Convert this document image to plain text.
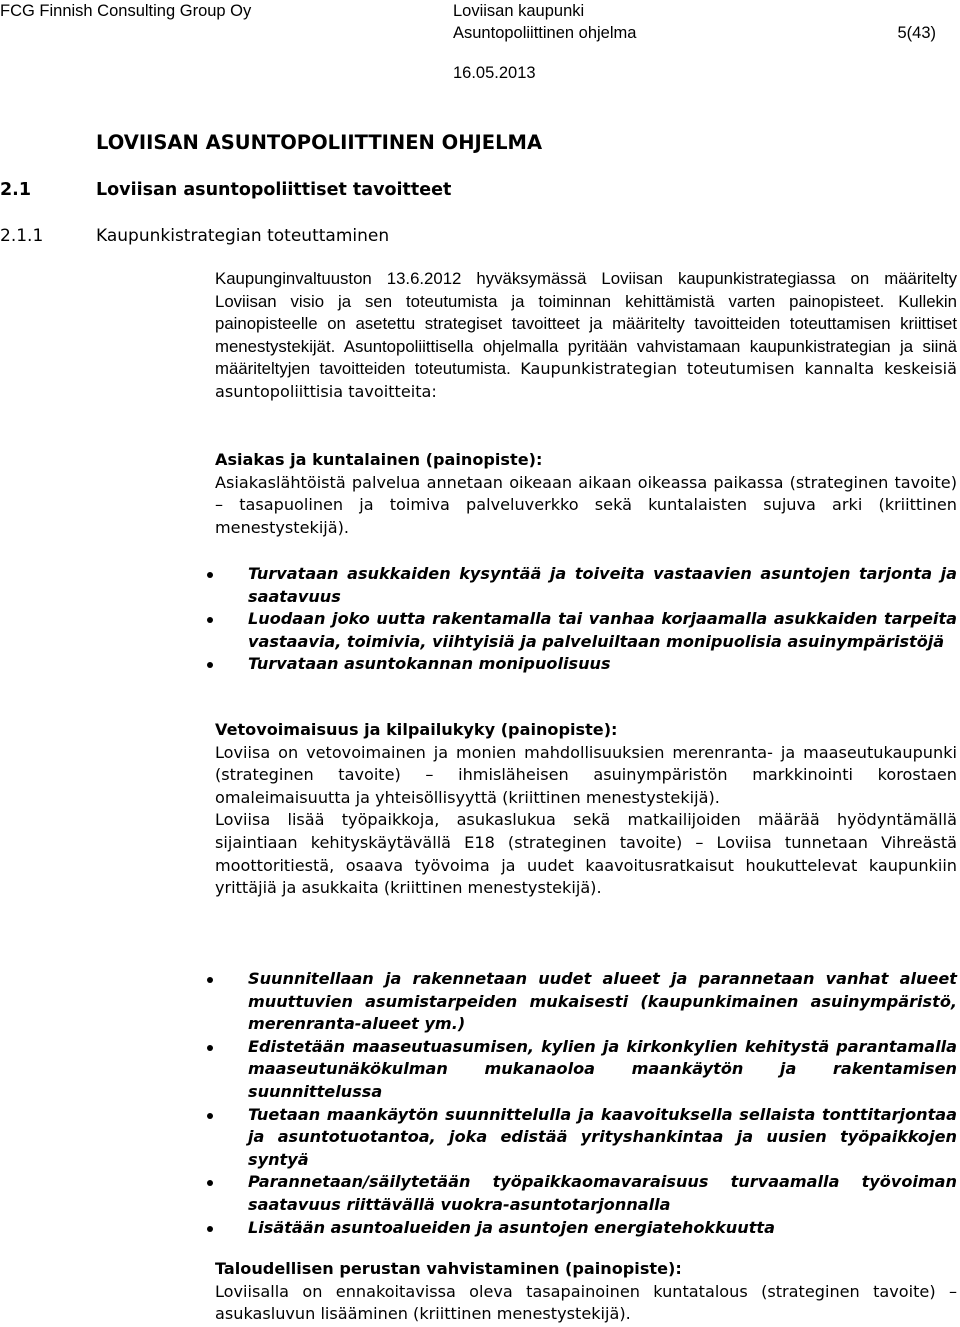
FCG Finnish Consulting Group Oy	Loviisan kaupunki
Asuntopoliittinen ohjelma	5(43)
16.05.2013
LOVIISAN ASUNTOPOLIITTINEN OHJELMA
2.1	Loviisan asuntopoliittiset tavoitteet
2.1.1	Kaupunkistrategian toteuttaminen

Kaupunginvaltuuston 13.6.2012 hyväksymässä Loviisan kaupunkistrategiassa on määritelty Loviisan visio ja sen toteutumista ja toiminnan kehittämistä varten painopisteet. Kullekin painopisteelle on asetettu strategiset tavoitteet ja määritelty tavoitteiden toteuttamisen kriittiset menestystekijät. Asuntopoliittisella ohjelmalla pyritään vahvistamaan kaupunkistrategian ja siinä määriteltyjen tavoitteiden toteutumista. Kaupunkistrategian toteutumisen kannalta keskeisiä asuntopoliittisia tavoitteita:

Asiakas ja kuntalainen (painopiste):

Asiakaslähtöistä palvelua annetaan oikeaan aikaan oikeassa paikassa (strateginen tavoite) – tasapuolinen ja toimiva palveluverkko sekä kuntalaisten sujuva arki (kriittinen menestystekijä).

Turvataan asukkaiden kysyntää ja toiveita vastaavien asuntojen tarjonta ja saatavuus
Luodaan joko uutta rakentamalla tai vanhaa korjaamalla asukkaiden tarpeita vastaavia, toimivia, viihtyisiä ja palveluiltaan monipuolisia asuinympäristöjä
Turvataan asuntokannan monipuolisuus

Vetovoimaisuus ja kilpailukyky (painopiste):

Loviisa on vetovoimainen ja monien mahdollisuuksien merenranta- ja maaseutukaupunki (strateginen tavoite) – ihmisläheisen asuinympäristön markkinointi korostaen omaleimaisuutta ja yhteisöllisyyttä (kriittinen menestystekijä).

Loviisa lisää työpaikkoja, asukaslukua sekä matkailijoiden määrää hyödyntämällä sijaintiaan kehityskäytävällä E18 (strateginen tavoite) – Loviisa tunnetaan Vihreästä moottoritiestä, osaava työvoima ja uudet kaavoitusratkaisut houkuttelevat kaupunkiin yrittäjiä ja asukkaita (kriittinen menestystekijä).

Suunnitellaan ja rakennetaan uudet alueet ja parannetaan vanhat alueet muuttuvien asumistarpeiden mukaisesti (kaupunkimainen asuinympäristö, merenranta-alueet ym.)
Edistetään maaseutuasumisen, kylien ja kirkonkylien kehitystä parantamalla maaseutunäkökulman mukanaoloa maankäytön ja rakentamisen suunnittelussa
Tuetaan maankäytön suunnittelulla ja kaavoituksella sellaista tonttitarjontaa ja asuntotuotantoa, joka edistää yrityshankintaa ja uusien työpaikkojen syntyä
Parannetaan/säilytetään työpaikkaomavaraisuus turvaamalla työvoiman saatavuus riittävällä vuokra-asuntotarjonnalla
Lisätään asuntoalueiden ja asuntojen energiatehokkuutta

Taloudellisen perustan vahvistaminen (painopiste):

Loviisalla on ennakoitavissa oleva tasapainoinen kuntatalous (strateginen tavoite) – asukasluvun lisääminen (kriittinen menestystekijä).
